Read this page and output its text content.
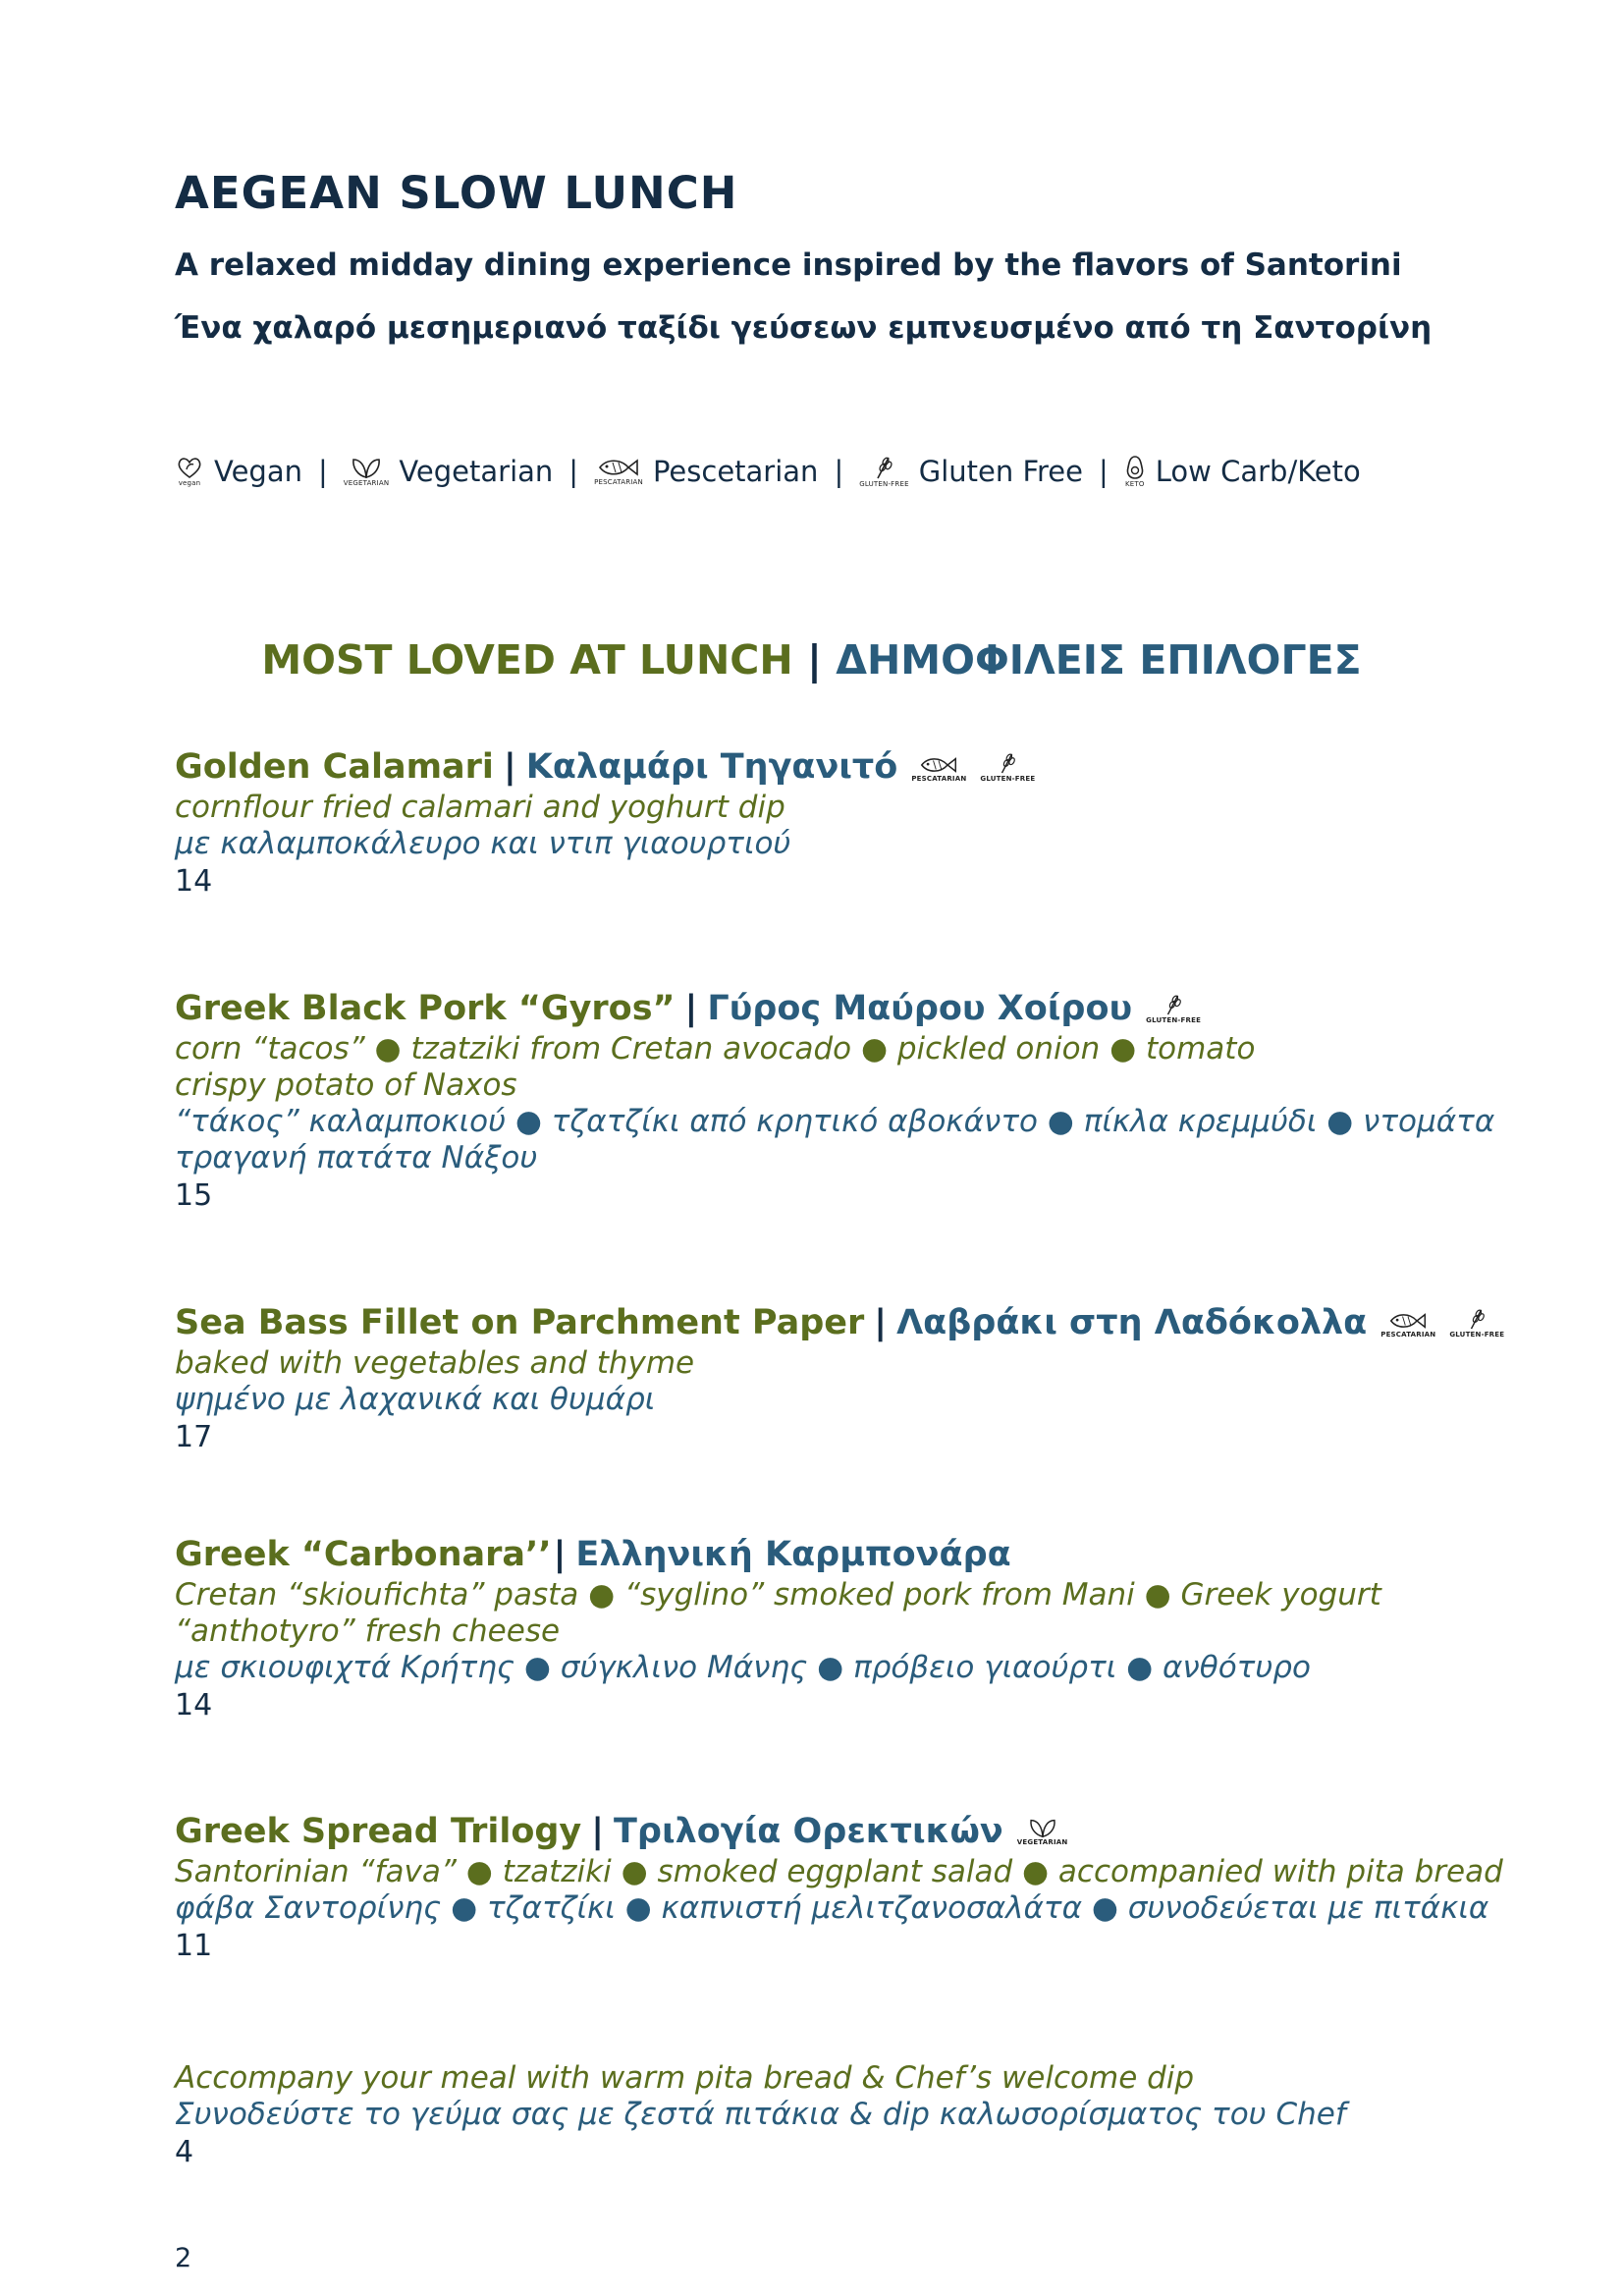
AEGEAN SLOW LUNCH
A relaxed midday dining experience inspired by the flavors of Santorini
Ένα χαλαρό μεσημεριανό ταξίδι γεύσεων εμπνευσμένο από τη Σαντορίνη
vegan Vegan | VEGETARIAN Vegetarian | PESCATARIAN Pescetarian | GLUTEN-FREE Gluten Free | KETO Low Carb/Keto
MOST LOVED AT LUNCH | ΔΗΜΟΦΙΛΕΙΣ ΕΠΙΛΟΓΕΣ
Golden Calamari | Καλαμάρι Τηγανιτό PESCATARIAN GLUTEN-FREE
cornflour fried calamari and yoghurt dip
με καλαμποκάλευρο και ντιπ γιαουρτιού
14
Greek Black Pork “Gyros” | Γύρος Μαύρου Χοίρου GLUTEN-FREE
corn “tacos” ● tzatziki from Cretan avocado ● pickled onion ● tomato
crispy potato of Naxos
“τάκος” καλαμποκιού ● τζατζίκι από κρητικό αβοκάντο ● πίκλα κρεμμύδι ● ντομάτα
τραγανή πατάτα Νάξου
15
Sea Bass Fillet on Parchment Paper | Λαβράκι στη Λαδόκολλα PESCATARIAN GLUTEN-FREE
baked with vegetables and thyme
ψημένο με λαχανικά και θυμάρι
17
Greek “Carbonara’’ | Ελληνική Καρμπονάρα
Cretan “skioufichta” pasta ● “syglino” smoked pork from Mani ● Greek yogurt
“anthotyro” fresh cheese
με σκιουφιχτά Κρήτης ● σύγκλινο Μάνης ● πρόβειο γιαούρτι ● ανθότυρο
14
Greek Spread Trilogy | Τριλογία Ορεκτικών VEGETARIAN
Santorinian “fava” ● tzatziki ● smoked eggplant salad ● accompanied with pita bread
φάβα Σαντορίνης ● τζατζίκι ● καπνιστή μελιτζανοσαλάτα ● συνοδεύεται με πιτάκια
11
Accompany your meal with warm pita bread & Chef’s welcome dip
Συνοδεύστε το γεύμα σας με ζεστά πιτάκια & dip καλωσορίσματος του Chef
4
2
